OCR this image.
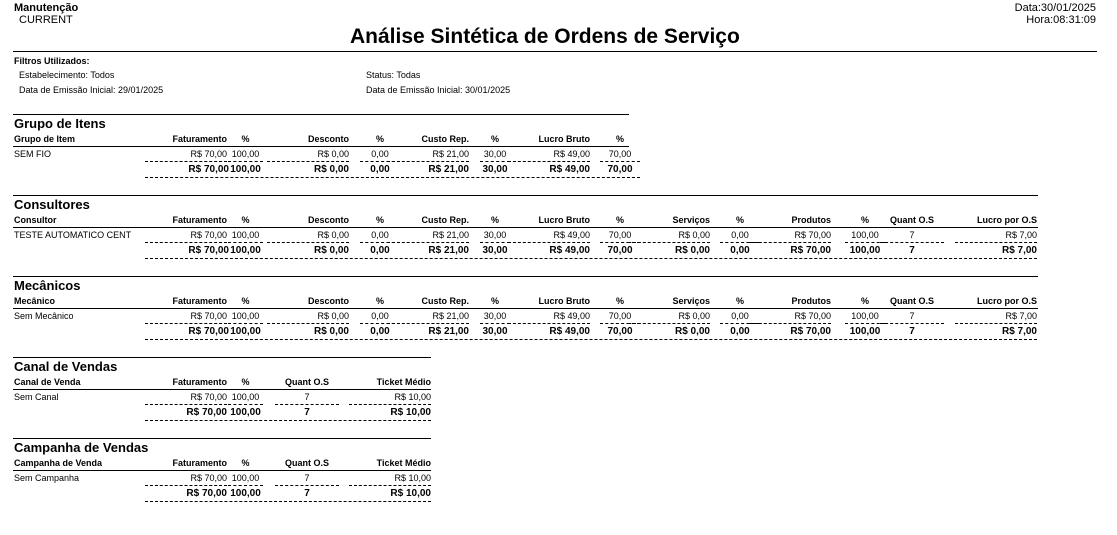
Manutenção
CURRENT
Data:30/01/2025
Hora:08:31:09
Análise Sintética de Ordens de Serviço
Filtros Utilizados:
Estabelecimento: Todos	Status: Todas
Data de Emissão Inicial: 29/01/2025	Data de Emissão Inicial: 30/01/2025
Grupo de Itens
Grupo de Item	Faturamento	%	Desconto	%	Custo Rep.	%	Lucro Bruto	%
SEM FIO	R$ 70,00 100,00	R$ 0,00	0,00	R$ 21,00	30,00	R$ 49,00	70,00
R$ 70,00 100,00	R$ 0,00	0,00	R$ 21,00 30,00	R$ 49,00	70,00
Consultores
Consultor	Faturamento	%	Desconto	%	Custo Rep.	%	Lucro Bruto	%	Serviços	%	Produtos	%	Quant O.S	Lucro por O.S
TESTE AUTOMATICO CENT	R$ 70,00 100,00	R$ 0,00	0,00	R$ 21,00	30,00	R$ 49,00	70,00	R$ 0,00	0,00	R$ 70,00	100,00	7	R$ 7,00
R$ 70,00 100,00	R$ 0,00	0,00	R$ 21,00 30,00	R$ 49,00	70,00	R$ 0,00	0,00	R$ 70,00	100,00	7	R$ 7,00
Mecânicos
Mecânico	Faturamento	%	Desconto	%	Custo Rep.	%	Lucro Bruto	%	Serviços	%	Produtos	%	Quant O.S	Lucro por O.S
Sem Mecânico	R$ 70,00 100,00	R$ 0,00	0,00	R$ 21,00	30,00	R$ 49,00	70,00	R$ 0,00	0,00	R$ 70,00	100,00	7	R$ 7,00
R$ 70,00 100,00	R$ 0,00	0,00	R$ 21,00 30,00	R$ 49,00	70,00	R$ 0,00	0,00	R$ 70,00	100,00	7	R$ 7,00
Canal de Vendas
Canal de Venda	Faturamento	%	Quant O.S	Ticket Médio
Sem Canal	R$ 70,00 100,00	7	R$ 10,00
R$ 70,00 100,00	7	R$ 10,00
Campanha de Vendas
Campanha de Venda	Faturamento	%	Quant O.S	Ticket Médio
Sem Campanha	R$ 70,00 100,00	7	R$ 10,00
R$ 70,00 100,00	7	R$ 10,00
